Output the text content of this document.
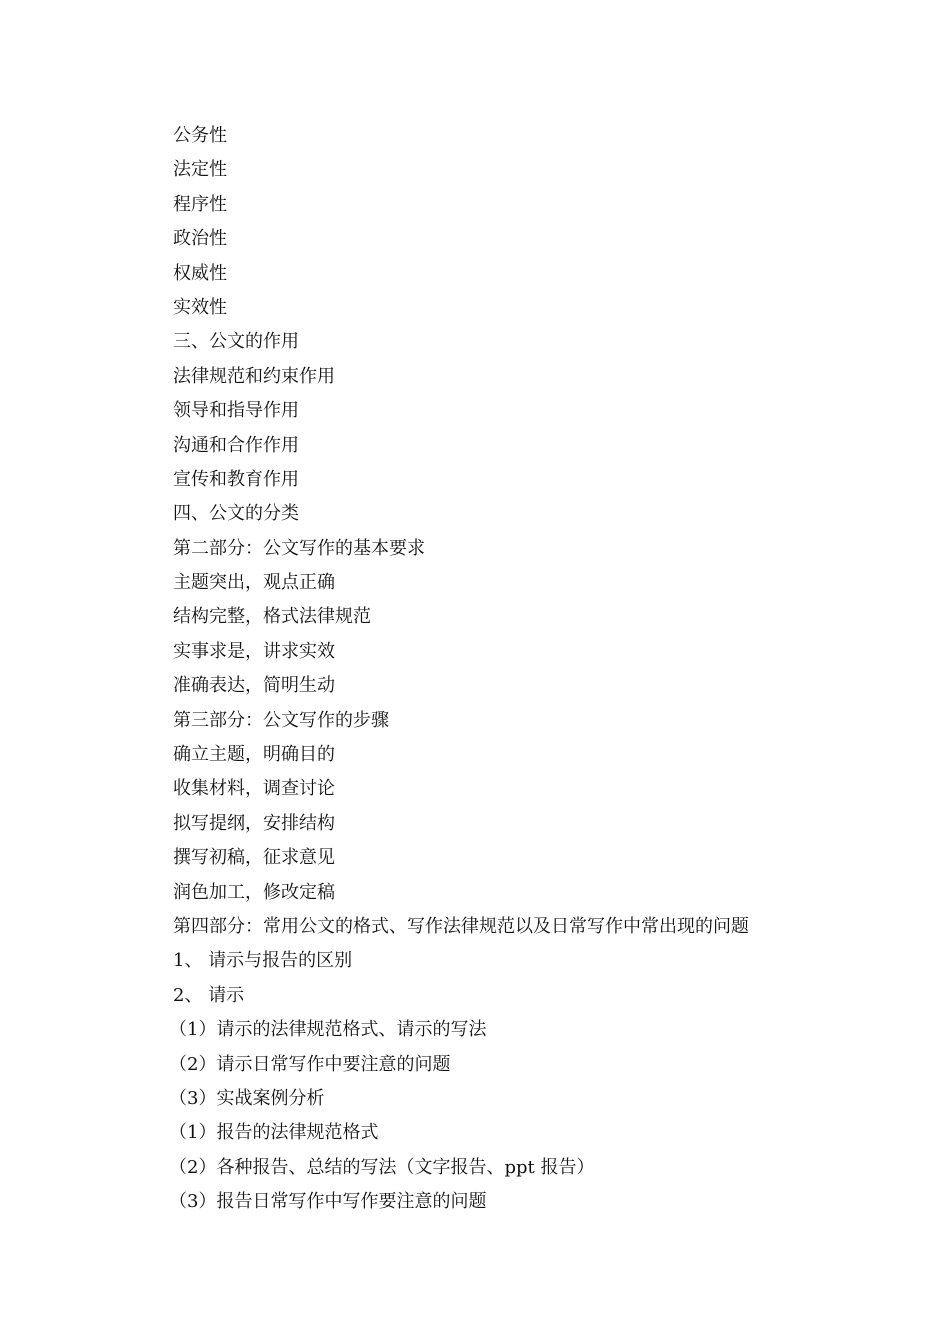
公务性
法定性
程序性
政治性
权威性
实效性
三、公文的作用
法律规范和约束作用
领导和指导作用
沟通和合作作用
宣传和教育作用
四、公文的分类
第二部分：公文写作的基本要求
主题突出，观点正确
结构完整，格式法律规范
实事求是，讲求实效
准确表达，简明生动
第三部分：公文写作的步骤
确立主题，明确目的
收集材料，调查讨论
拟写提纲，安排结构
撰写初稿，征求意见
润色加工，修改定稿
第四部分：常用公文的格式、写作法律规范以及日常写作中常出现的问题
1、 请示与报告的区别
2、 请示
（1）请示的法律规范格式、请示的写法
（2）请示日常写作中要注意的问题
（3）实战案例分析
（1）报告的法律规范格式
（2）各种报告、总结的写法（文字报告、ppt 报告）
（3）报告日常写作中写作要注意的问题
